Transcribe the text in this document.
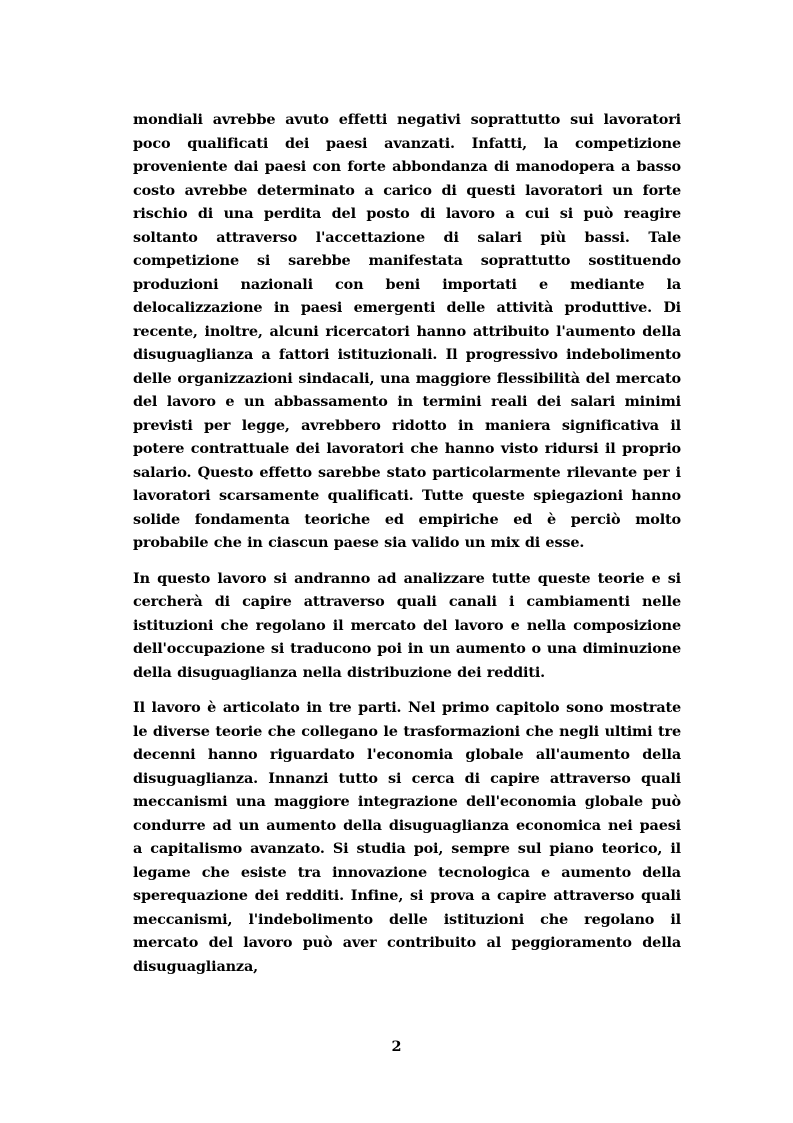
mondiali avrebbe avuto effetti negativi soprattutto sui lavoratori poco qualificati dei paesi avanzati. Infatti, la competizione proveniente dai paesi con forte abbondanza di manodopera a basso costo avrebbe determinato a carico di questi lavoratori un forte rischio di una perdita del posto di lavoro a cui si può reagire soltanto attraverso l'accettazione di salari più bassi. Tale competizione si sarebbe manifestata soprattutto sostituendo produzioni nazionali con beni importati e mediante la delocalizzazione in paesi emergenti delle attività produttive. Di recente, inoltre, alcuni ricercatori hanno attribuito l'aumento della disuguaglianza a fattori istituzionali. Il progressivo indebolimento delle organizzazioni sindacali, una maggiore flessibilità del mercato del lavoro e un abbassamento in termini reali dei salari minimi previsti per legge, avrebbero ridotto in maniera significativa il potere contrattuale dei lavoratori che hanno visto ridursi il proprio salario. Questo effetto sarebbe stato particolarmente rilevante per i lavoratori scarsamente qualificati. Tutte queste spiegazioni hanno solide fondamenta teoriche ed empiriche ed è perciò molto probabile che in ciascun paese sia valido un mix di esse.

In questo lavoro si andranno ad analizzare tutte queste teorie e si cercherà di capire attraverso quali canali i cambiamenti nelle istituzioni che regolano il mercato del lavoro e nella composizione dell'occupazione si traducono poi in un aumento o una diminuzione della disuguaglianza nella distribuzione dei redditi.

Il lavoro è articolato in tre parti. Nel primo capitolo sono mostrate le diverse teorie che collegano le trasformazioni che negli ultimi tre decenni hanno riguardato l'economia globale all'aumento della disuguaglianza. Innanzi tutto si cerca di capire attraverso quali meccanismi una maggiore integrazione dell'economia globale può condurre ad un aumento della disuguaglianza economica nei paesi a capitalismo avanzato. Si studia poi, sempre sul piano teorico, il legame che esiste tra innovazione tecnologica e aumento della sperequazione dei redditi. Infine, si prova a capire attraverso quali meccanismi, l'indebolimento delle istituzioni che regolano il mercato del lavoro può aver contribuito al peggioramento della disuguaglianza,

2
